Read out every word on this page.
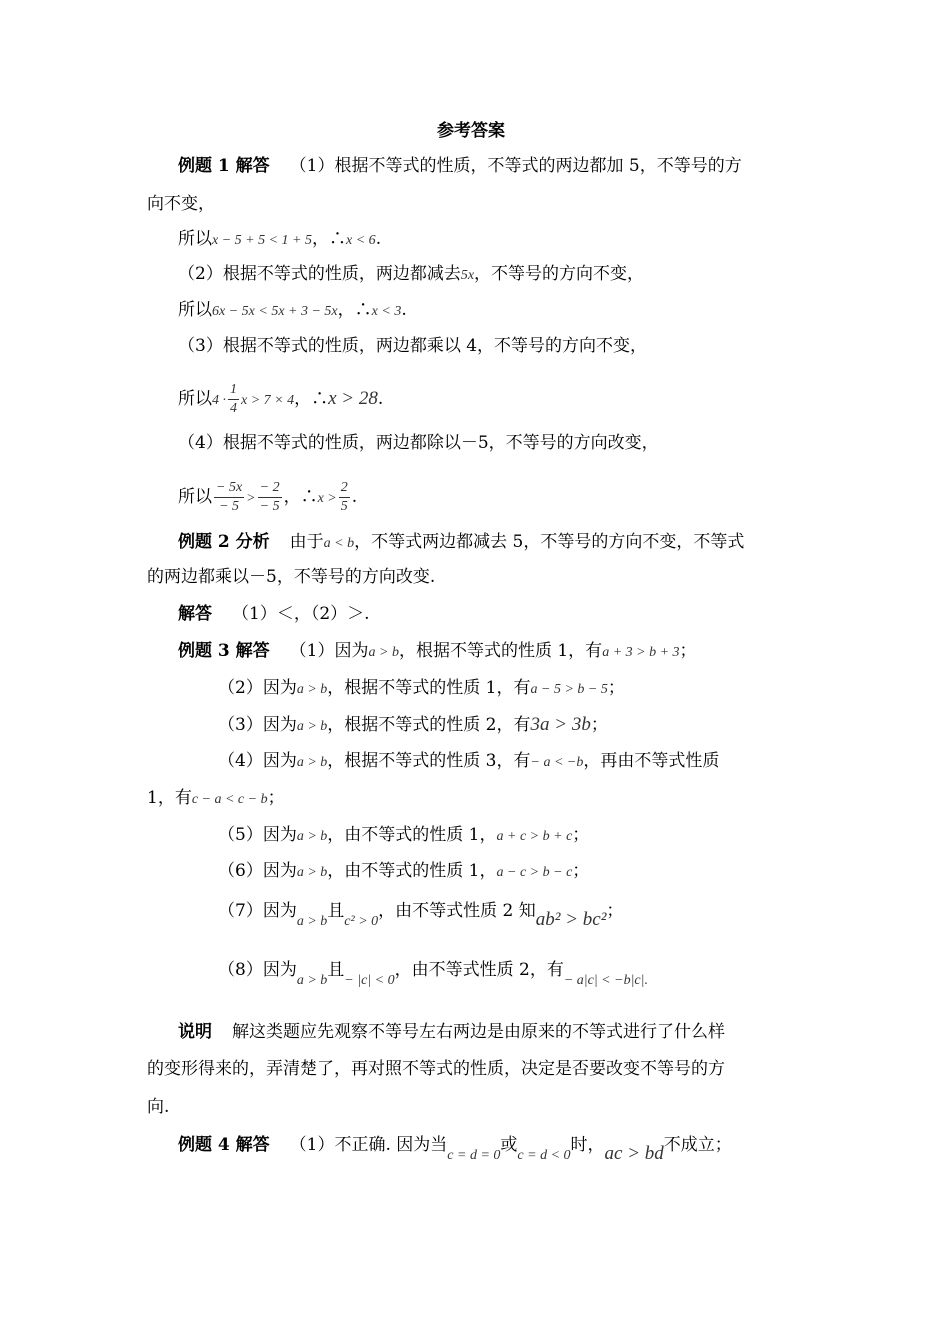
参考答案
例题 1 解答 （1）根据不等式的性质，不等式的两边都加 5，不等号的方
向不变，
所以x − 5 + 5 < 1 + 5，∴x < 6.
（2）根据不等式的性质，两边都减去5x，不等号的方向不变，
所以6x − 5x < 5x + 3 − 5x，∴x < 3.
（3）根据不等式的性质，两边都乘以 4，不等号的方向不变，
所以$4 \cdot \frac{1}{4}$ x > 7 × 4，∴x > 28.
（4）根据不等式的性质，两边都除以－5，不等号的方向改变，
所以 $\frac{- 5x}{- 5} > \frac{- 2}{- 5}$ ，∴x > $\frac{2}{5}$ .
例题 2 分析 由于a < b，不等式两边都减去 5，不等号的方向不变，不等式
的两边都乘以－5，不等号的方向改变.
解答 （1）＜，（2）＞.
例题 3 解答 （1）因为a > b，根据不等式的性质 1，有a + 3 > b + 3；
（2）因为a > b，根据不等式的性质 1，有a − 5 > b − 5；
（3）因为a > b，根据不等式的性质 2，有3a > 3b；
（4）因为a > b，根据不等式的性质 3，有− a < −b，再由不等式性质
1，有c − a < c − b；
（5）因为a > b，由不等式的性质 1，a + c > b + c；
（6）因为a > b，由不等式的性质 1，a − c > b − c；
（7）因为$_{a > b}$且$_{c^2 > 0}$，由不等式性质 2 知ab² > bc²；
（8）因为$_{a > b}$且$_{- |c| < 0}$，由不等式性质 2，有$_{- a|c| < -b|c|.}$
说明 解这类题应先观察不等号左右两边是由原来的不等式进行了什么样
的变形得来的，弄清楚了，再对照不等式的性质，决定是否要改变不等号的方
向.
例题 4 解答 （1）不正确. 因为当$_{c = d = 0}$或$_{c = d < 0}$时，ac > bd不成立；
